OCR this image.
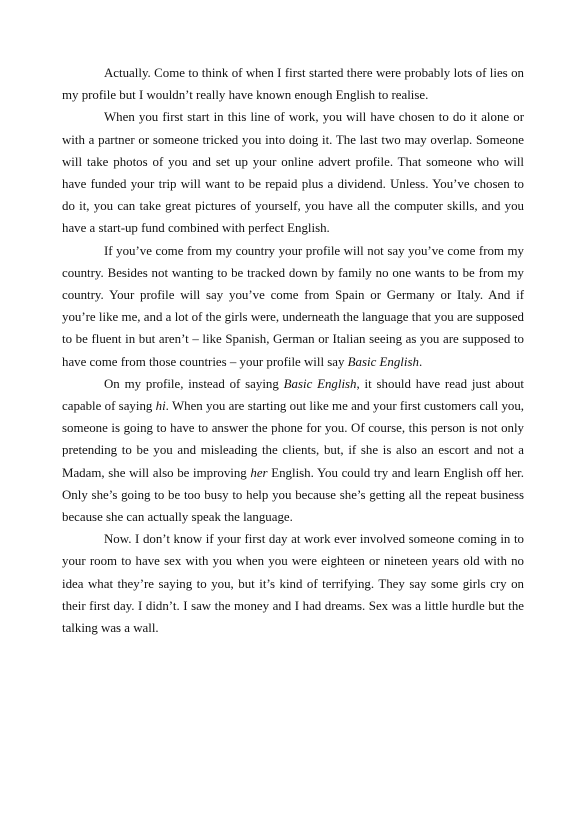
Actually. Come to think of when I first started there were probably lots of lies on my profile but I wouldn’t really have known enough English to realise.

When you first start in this line of work, you will have chosen to do it alone or with a partner or someone tricked you into doing it. The last two may overlap. Someone will take photos of you and set up your online advert profile. That someone who will have funded your trip will want to be repaid plus a dividend. Unless. You’ve chosen to do it, you can take great pictures of yourself, you have all the computer skills, and you have a start-up fund combined with perfect English.

If you’ve come from my country your profile will not say you’ve come from my country. Besides not wanting to be tracked down by family no one wants to be from my country. Your profile will say you’ve come from Spain or Germany or Italy. And if you’re like me, and a lot of the girls were, underneath the language that you are supposed to be fluent in but aren’t – like Spanish, German or Italian seeing as you are supposed to have come from those countries – your profile will say Basic English.

On my profile, instead of saying Basic English, it should have read just about capable of saying hi. When you are starting out like me and your first customers call you, someone is going to have to answer the phone for you. Of course, this person is not only pretending to be you and misleading the clients, but, if she is also an escort and not a Madam, she will also be improving her English. You could try and learn English off her. Only she’s going to be too busy to help you because she’s getting all the repeat business because she can actually speak the language.

Now. I don’t know if your first day at work ever involved someone coming in to your room to have sex with you when you were eighteen or nineteen years old with no idea what they’re saying to you, but it’s kind of terrifying. They say some girls cry on their first day. I didn’t. I saw the money and I had dreams. Sex was a little hurdle but the talking was a wall.
